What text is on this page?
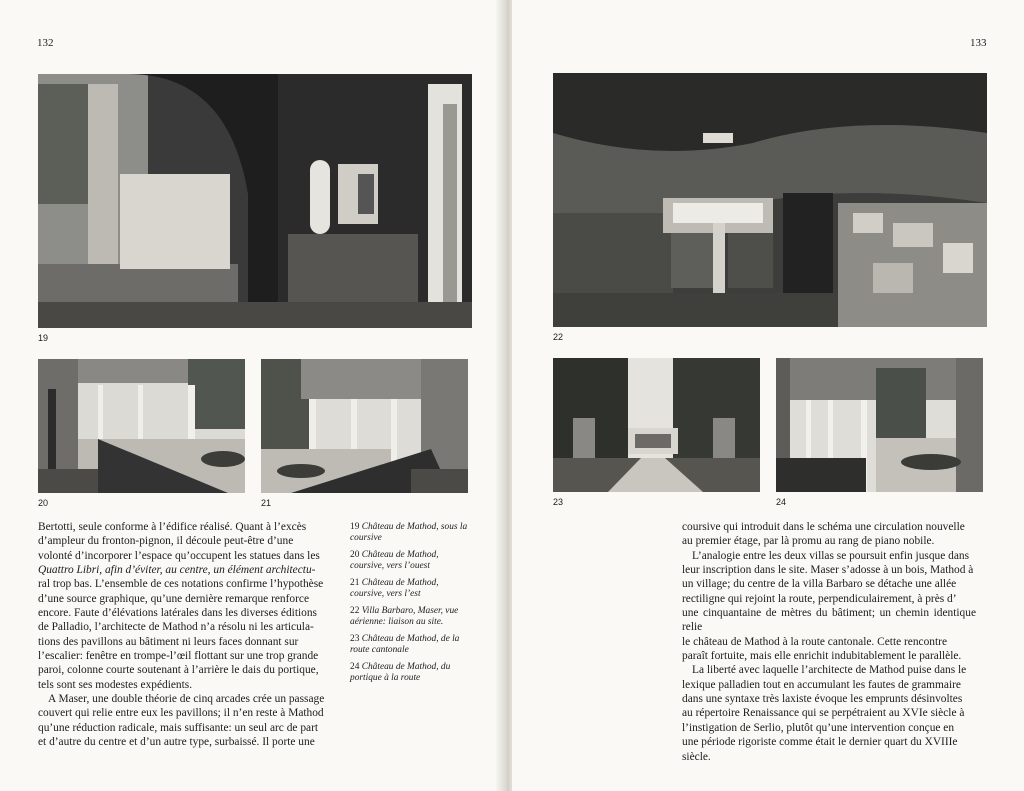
132
19
20	21
Bertotti, seule conforme à l’édifice réalisé. Quant à l’excès
d’ampleur du fronton-pignon, il découle peut-être d’une
volonté d’incorporer l’espace qu’occupent les statues dans les
Quattro Libri, afin d’éviter, au centre, un élément architectu-
ral trop bas. L’ensemble de ces notations confirme l’hypothèse
d’une source graphique, qu’une dernière remarque renforce
encore. Faute d’élévations latérales dans les diverses éditions
de Palladio, l’architecte de Mathod n’a résolu ni les articula-
tions des pavillons au bâtiment ni leurs faces donnant sur
l’escalier: fenêtre en trompe-l’œil flottant sur une trop grande
paroi, colonne courte soutenant à l’arrière le dais du portique,
tels sont ses modestes expédients.
A Maser, une double théorie de cinq arcades crée un passage
couvert qui relie entre eux les pavillons; il n’en reste à Mathod
qu’une réduction radicale, mais suffisante: un seul arc de part
et d’autre du centre et d’un autre type, surbaissé. Il porte une
19 Château de Mathod, sous la coursive
20 Château de Mathod, coursive, vers l’ouest
21 Château de Mathod, coursive, vers l’est
22 Villa Barbaro, Maser, vue aérienne: liaison au site.
23 Château de Mathod, de la route cantonale
24 Château de Mathod, du portique à la route
133
22
23	24
coursive qui introduit dans le schéma une circulation nouvelle
au premier étage, par là promu au rang de piano nobile.
L’analogie entre les deux villas se poursuit enfin jusque dans
leur inscription dans le site. Maser s’adosse à un bois, Mathod à
un village; du centre de la villa Barbaro se détache une allée
rectiligne qui rejoint la route, perpendiculairement, à près d’
une cinquantaine de mètres du bâtiment; un chemin identique relie
le château de Mathod à la route cantonale. Cette rencontre
paraît fortuite, mais elle enrichit indubitablement le parallèle.
La liberté avec laquelle l’architecte de Mathod puise dans le
lexique palladien tout en accumulant les fautes de grammaire
dans une syntaxe très laxiste évoque les emprunts désinvoltes
au répertoire Renaissance qui se perpétraient au XVIe siècle à
l’instigation de Serlio, plutôt qu’une intervention conçue en
une période rigoriste comme était le dernier quart du XVIIIe
siècle.
